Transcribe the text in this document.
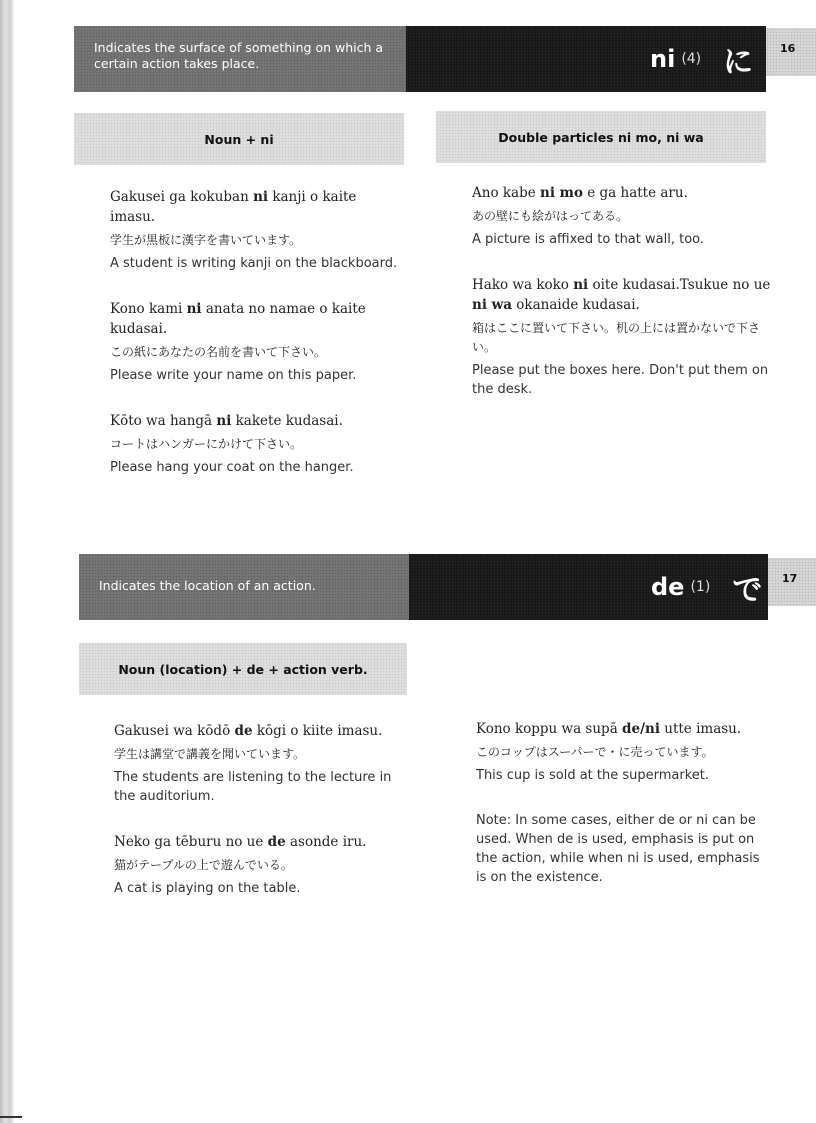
Indicates the surface of something on which a certain action takes place.	ni (4) に	16
Noun + ni	Double particles ni mo, ni wa
Gakusei ga kokuban ni kanji o kaite imasu.
学生が黒板に漢字を書いています。
A student is writing kanji on the blackboard.
Kono kami ni anata no namae o kaite kudasai.
この紙にあなたの名前を書いて下さい。
Please write your name on this paper.
Kōto wa hangā ni kakete kudasai.
コートはハンガーにかけて下さい。
Please hang your coat on the hanger.
Ano kabe ni mo e ga hatte aru.
あの壁にも絵がはってある。
A picture is affixed to that wall, too.
Hako wa koko ni oite kudasai.Tsukue no ue ni wa okanaide kudasai.
箱はここに置いて下さい。机の上には置かないで下さい。
Please put the boxes here. Don't put them on the desk.
Indicates the location of an action.	de (1) で	17
Noun (location) + de + action verb.
Gakusei wa kōdō de kōgi o kiite imasu.
学生は講堂で講義を聞いています。
The students are listening to the lecture in the auditorium.
Neko ga tēburu no ue de asonde iru.
猫がテーブルの上で遊んでいる。
A cat is playing on the table.
Kono koppu wa supā de/ni utte imasu.
このコップはスーパーで・に売っています。
This cup is sold at the supermarket.
Note: In some cases, either de or ni can be used. When de is used, emphasis is put on the action, while when ni is used, emphasis is on the existence.
